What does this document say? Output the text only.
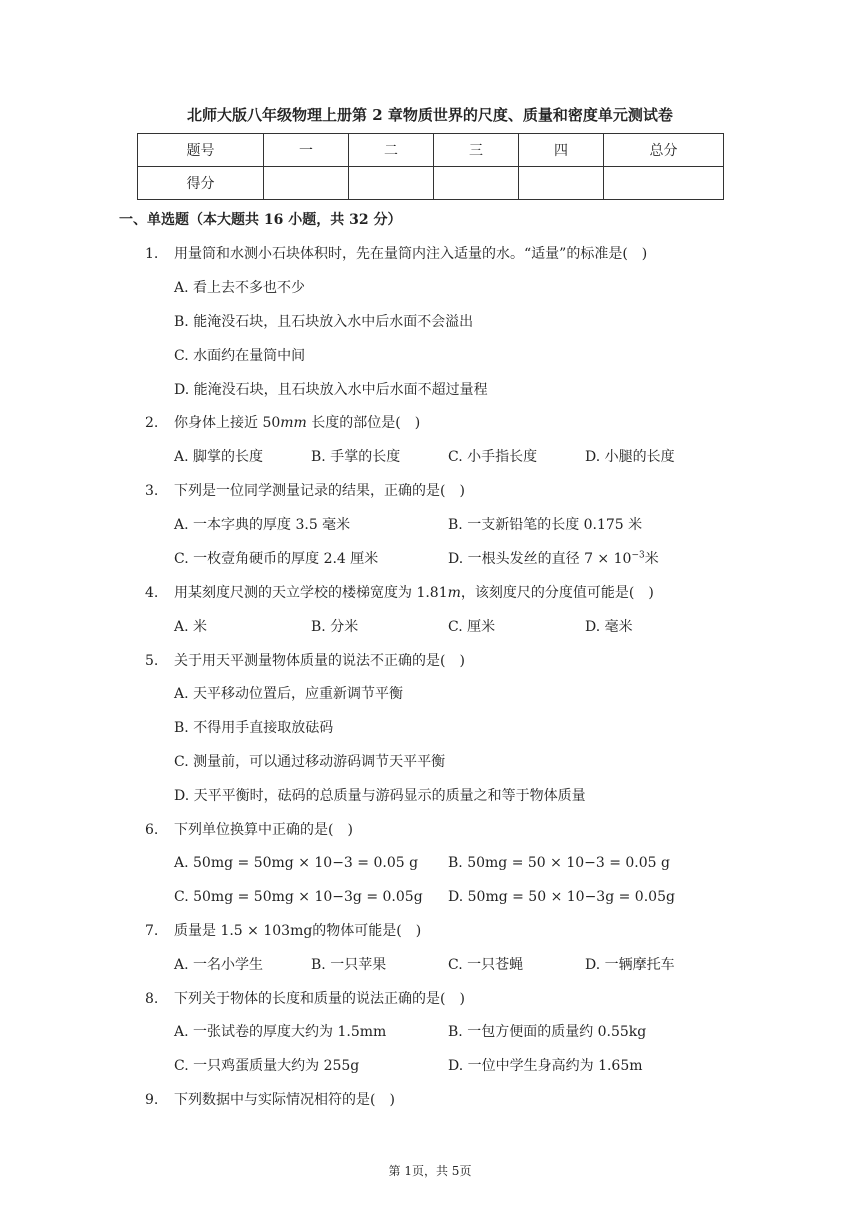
北师大版八年级物理上册第 2 章物质世界的尺度、质量和密度单元测试卷
题号	一	二	三	四	总分
得分					
一、单选题（本大题共 16 小题，共 32 分）
1. 用量筒和水测小石块体积时，先在量筒内注入适量的水。“适量”的标准是(　)
A. 看上去不多也不少
B. 能淹没石块，且石块放入水中后水面不会溢出
C. 水面约在量筒中间
D. 能淹没石块，且石块放入水中后水面不超过量程
2. 你身体上接近 50mm 长度的部位是(　)
A. 脚掌的长度	B. 手掌的长度	C. 小手指长度	D. 小腿的长度
3. 下列是一位同学测量记录的结果，正确的是(　)
A. 一本字典的厚度 3.5 毫米	B. 一支新铅笔的长度 0.175 米
C. 一枚壹角硬币的厚度 2.4 厘米	D. 一根头发丝的直径 $7 \times 10^{-3}$米
4. 用某刻度尺测的天立学校的楼梯宽度为 1.81m，该刻度尺的分度值可能是(　)
A. 米	B. 分米	C. 厘米	D. 毫米
5. 关于用天平测量物体质量的说法不正确的是(　)
A. 天平移动位置后，应重新调节平衡
B. 不得用手直接取放砝码
C. 测量前，可以通过移动游码调节天平平衡
D. 天平平衡时，砝码的总质量与游码显示的质量之和等于物体质量
6. 下列单位换算中正确的是(　)
A. 50mg = 50mg × 10−3 = 0.05 g B. 50mg = 50 × 10−3 = 0.05 g
C. 50mg = 50mg × 10−3g = 0.05g D. 50mg = 50 × 10−3g = 0.05g
7. 质量是 1.5 × 103mg的物体可能是(　)
A. 一名小学生	B. 一只苹果	C. 一只苍蝇	D. 一辆摩托车
8. 下列关于物体的长度和质量的说法正确的是(　)
A. 一张试卷的厚度大约为 1.5mm	B. 一包方便面的质量约 0.55kg
C. 一只鸡蛋质量大约为 255g	D. 一位中学生身高约为 1.65m
9. 下列数据中与实际情况相符的是(　)
第 1页，共 5页
